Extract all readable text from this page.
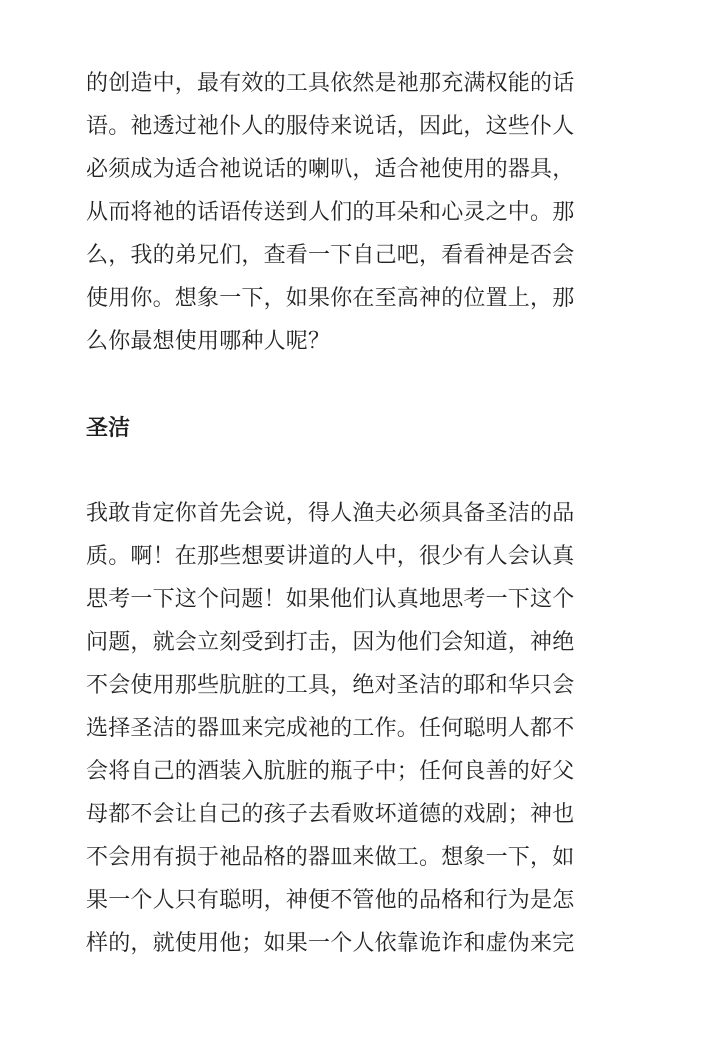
的创造中，最有效的工具依然是祂那充满权能的话
语。祂透过祂仆人的服侍来说话，因此，这些仆人
必须成为适合祂说话的喇叭，适合祂使用的器具，
从而将祂的话语传送到人们的耳朵和心灵之中。那
么，我的弟兄们，查看一下自己吧，看看神是否会
使用你。想象一下，如果你在至高神的位置上，那
么你最想使用哪种人呢？

圣洁

我敢肯定你首先会说，得人渔夫必须具备圣洁的品
质。啊！在那些想要讲道的人中，很少有人会认真
思考一下这个问题！如果他们认真地思考一下这个
问题，就会立刻受到打击，因为他们会知道，神绝
不会使用那些肮脏的工具，绝对圣洁的耶和华只会
选择圣洁的器皿来完成祂的工作。任何聪明人都不
会将自己的酒装入肮脏的瓶子中；任何良善的好父
母都不会让自己的孩子去看败坏道德的戏剧；神也
不会用有损于祂品格的器皿来做工。想象一下，如
果一个人只有聪明，神便不管他的品格和行为是怎
样的，就使用他；如果一个人依靠诡诈和虚伪来完
